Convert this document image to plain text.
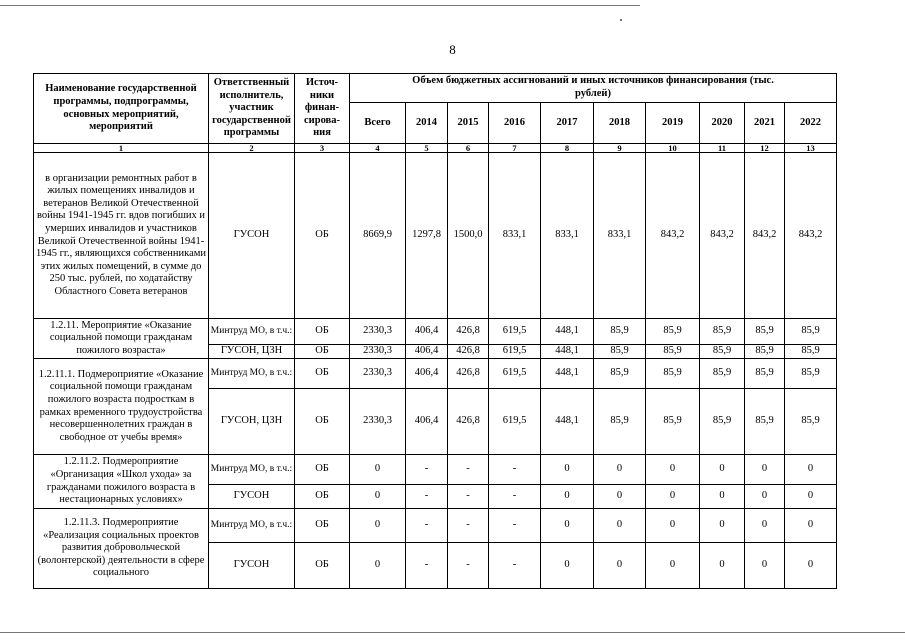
8
Наименование государственной программы, подпрограммы, основных мероприятий, мероприятий	Ответственный исполнитель, участник государственной программы	Источ-ники финан-сирова-ния	Объем бюджетных ассигнований и иных источников финансирования (тыс. рублей)									
			Всего	2014	2015	2016	2017	2018	2019	2020	2021	2022
1	2	3	4	5	6	7	8	9	10	11	12	13
в организации ремонтных работ в жилых помещениях инвалидов и ветеранов Великой Отечественной войны 1941-1945 гг. вдов погибших и умерших инвалидов и участников Великой Отечественной войны 1941-1945 гг., являющихся собственниками этих жилых помещений, в сумме до 250 тыс. рублей, по ходатайству Областного Совета ветеранов	ГУСОН	ОБ	8669,9	1297,8	1500,0	833,1	833,1	833,1	843,2	843,2	843,2	843,2
1.2.11. Мероприятие «Оказание социальной помощи гражданам пожилого возраста»	Минтруд МО, в т.ч.:	ОБ	2330,3	406,4	426,8	619,5	448,1	85,9	85,9	85,9	85,9	85,9
	ГУСОН, ЦЗН	ОБ	2330,3	406,4	426,8	619,5	448,1	85,9	85,9	85,9	85,9	85,9
1.2.11.1. Подмероприятие «Оказание социальной помощи гражданам пожилого возраста подросткам в рамках временного трудоустройства несовершеннолетних граждан в свободное от учебы время»	Минтруд МО, в т.ч.:	ОБ	2330,3	406,4	426,8	619,5	448,1	85,9	85,9	85,9	85,9	85,9
	ГУСОН, ЦЗН	ОБ	2330,3	406,4	426,8	619,5	448,1	85,9	85,9	85,9	85,9	85,9
1.2.11.2. Подмероприятие «Организация «Школ ухода» за гражданами пожилого возраста в нестационарных условиях»	Минтруд МО, в т.ч.:	ОБ	0	-	-	-	0	0	0	0	0	0
	ГУСОН	ОБ	0	-	-	-	0	0	0	0	0	0
1.2.11.3. Подмероприятие «Реализация социальных проектов развития добровольческой (волонтерской) деятельности в сфере социального	Минтруд МО, в т.ч.:	ОБ	0	-	-	-	0	0	0	0	0	0
	ГУСОН	ОБ	0	-	-	-	0	0	0	0	0	0
